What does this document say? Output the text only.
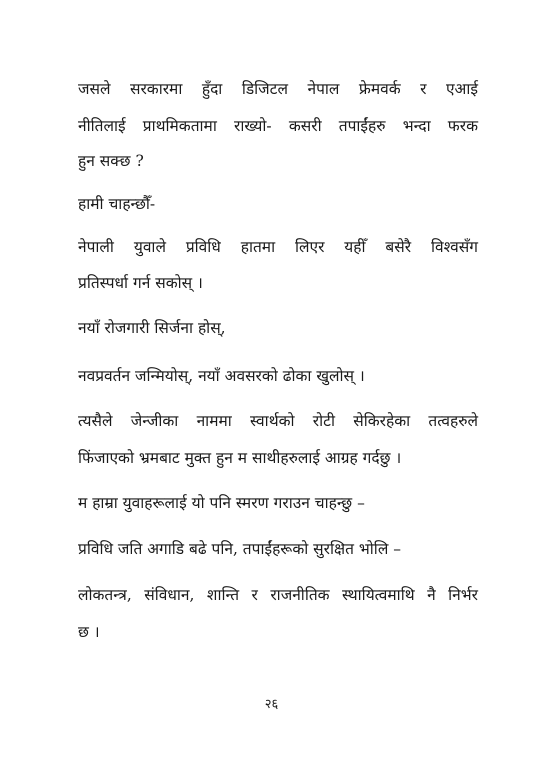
जसले सरकारमा हुँदा डिजिटल नेपाल फ्रेमवर्क र एआई
नीतिलाई प्राथमिकतामा राख्यो- कसरी तपाईंहरु भन्दा फरक
हुन सक्छ ?
हामी चाहन्छौँ-
नेपाली युवाले प्रविधि हातमा लिएर यहीँ बसेरै विश्वसँग
प्रतिस्पर्धा गर्न सकोस् ।
नयाँ रोजगारी सिर्जना होस्,
नवप्रवर्तन जन्मियोस्, नयाँ अवसरको ढोका खुलोस् ।
त्यसैले जेन्जीका नाममा स्वार्थको रोटी सेकिरहेका तत्वहरुले
फिंजाएको भ्रमबाट मुक्त हुन म साथीहरुलाई आग्रह गर्दछु ।
म हाम्रा युवाहरूलाई यो पनि स्मरण गराउन चाहन्छु –
प्रविधि जति अगाडि बढे पनि, तपाईंहरूको सुरक्षित भोलि –
लोकतन्त्र, संविधान, शान्ति र राजनीतिक स्थायित्वमाथि नै निर्भर
छ ।
२६
